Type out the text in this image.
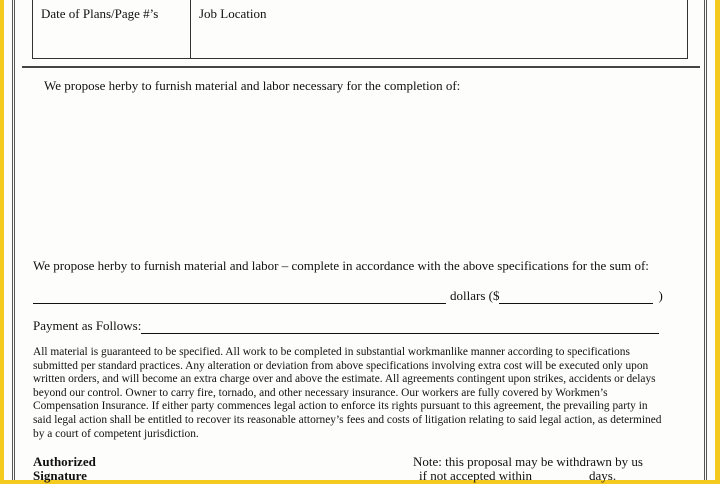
Date of Plans/Page #’s	Job Location
We propose herby to furnish material and labor necessary for the completion of:
We propose herby to furnish material and labor – complete in accordance with the above specifications for the sum of:
dollars ($	)
Payment as Follows:
All material is guaranteed to be specified. All work to be completed in substantial workmanlike manner according to specifications
submitted per standard practices. Any alteration or deviation from above specifications involving extra cost will be executed only upon
written orders, and will become an extra charge over and above the estimate. All agreements contingent upon strikes, accidents or delays
beyond our control. Owner to carry fire, tornado, and other necessary insurance. Our workers are fully covered by Workmen’s
Compensation Insurance. If either party commences legal action to enforce its rights pursuant to this agreement, the prevailing party in
said legal action shall be entitled to recover its reasonable attorney’s fees and costs of litigation relating to said legal action, as determined
by a court of competent jurisdiction.
Authorized
Signature
Note: this proposal may be withdrawn by us
if not accepted within	days.
